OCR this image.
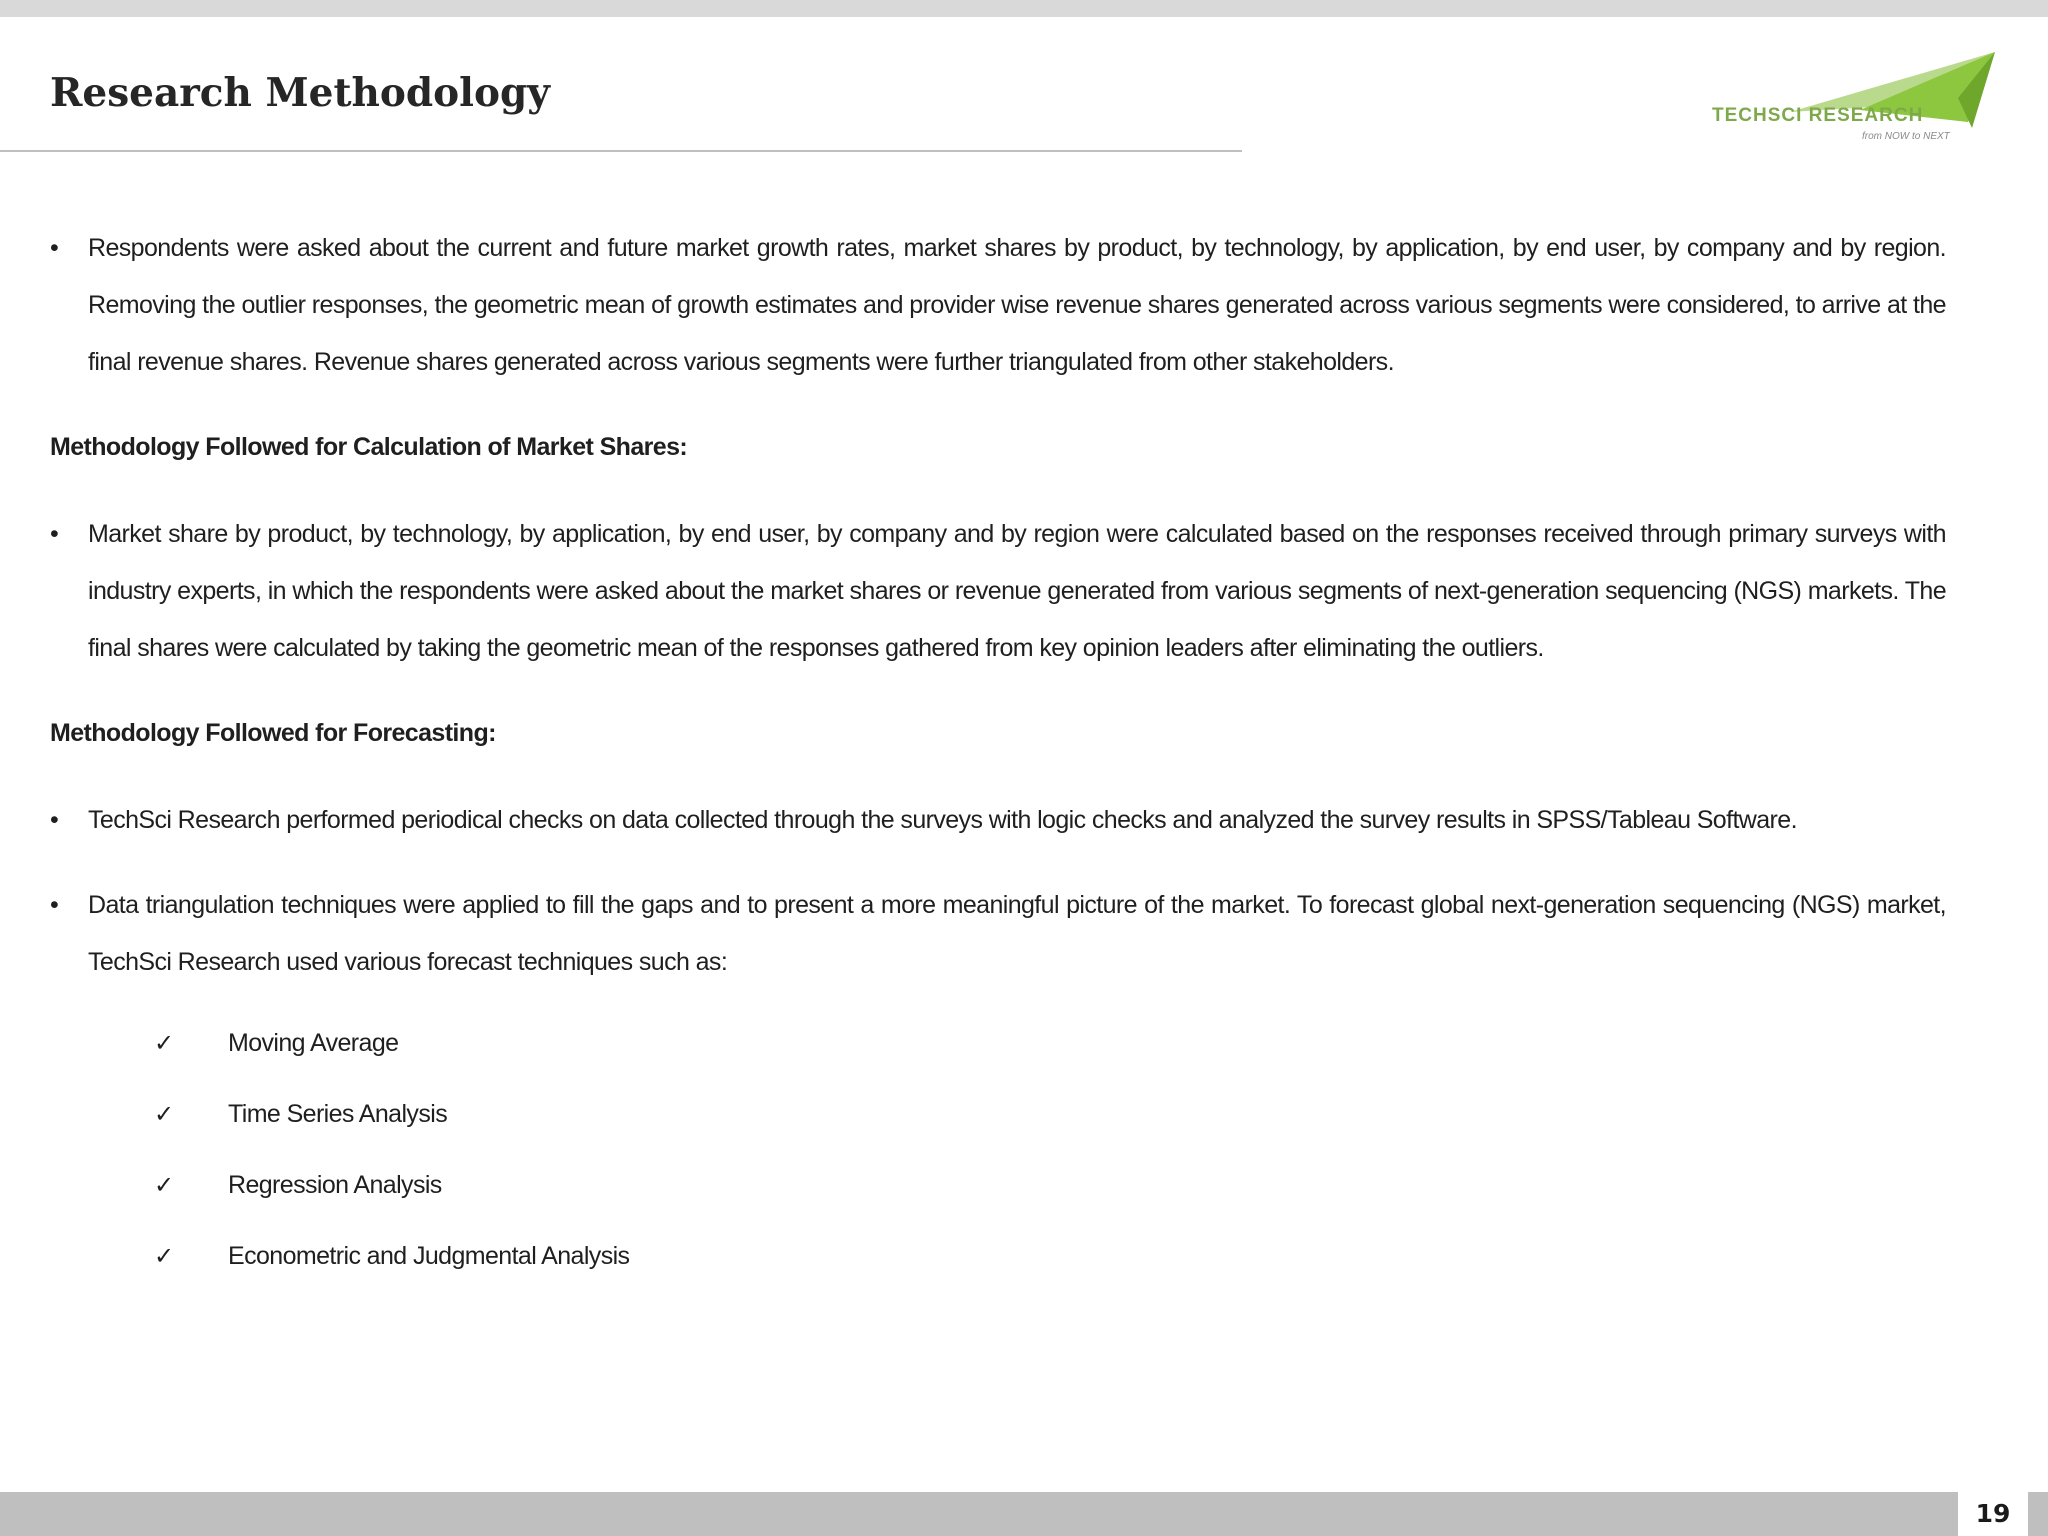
Research Methodology	TECHSCI RESEARCH
from NOW to NEXT

• Respondents were asked about the current and future market growth rates, market shares by product, by technology, by application, by end user, by company and by region. Removing the outlier responses, the geometric mean of growth estimates and provider wise revenue shares generated across various segments were considered, to arrive at the final revenue shares. Revenue shares generated across various segments were further triangulated from other stakeholders.

Methodology Followed for Calculation of Market Shares:

• Market share by product, by technology, by application, by end user, by company and by region were calculated based on the responses received through primary surveys with industry experts, in which the respondents were asked about the market shares or revenue generated from various segments of next-generation sequencing (NGS) markets. The final shares were calculated by taking the geometric mean of the responses gathered from key opinion leaders after eliminating the outliers.

Methodology Followed for Forecasting:

• TechSci Research performed periodical checks on data collected through the surveys with logic checks and analyzed the survey results in SPSS/Tableau Software.

• Data triangulation techniques were applied to fill the gaps and to present a more meaningful picture of the market. To forecast global next-generation sequencing (NGS) market, TechSci Research used various forecast techniques such as:

✓ Moving Average
✓ Time Series Analysis
✓ Regression Analysis
✓ Econometric and Judgmental Analysis
19
